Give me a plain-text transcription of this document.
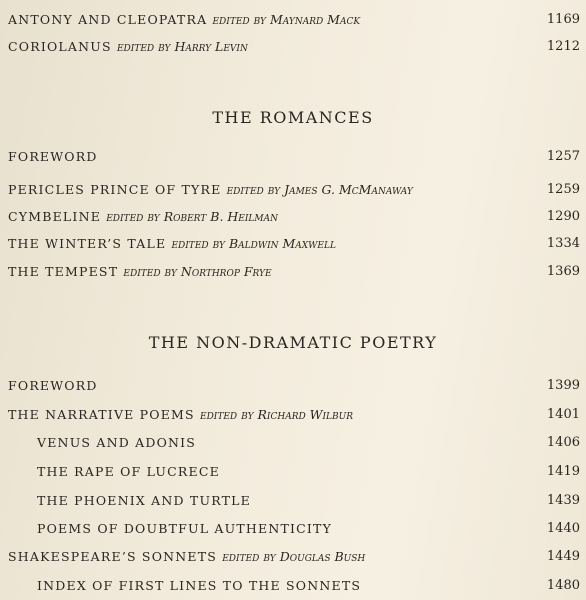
ANTONY AND CLEOPATRA edited by Maynard Mack	1169
CORIOLANUS edited by Harry Levin	1212
THE ROMANCES
FOREWORD	1257
PERICLES PRINCE OF TYRE edited by James G. McManaway	1259
CYMBELINE edited by Robert B. Heilman	1290
THE WINTER’S TALE edited by Baldwin Maxwell	1334
THE TEMPEST edited by Northrop Frye	1369
THE NON-DRAMATIC POETRY
FOREWORD	1399
THE NARRATIVE POEMS edited by Richard Wilbur	1401
VENUS AND ADONIS	1406
THE RAPE OF LUCRECE	1419
THE PHOENIX AND TURTLE	1439
POEMS OF DOUBTFUL AUTHENTICITY	1440
SHAKESPEARE’S SONNETS edited by Douglas Bush	1449
INDEX OF FIRST LINES TO THE SONNETS	1480
